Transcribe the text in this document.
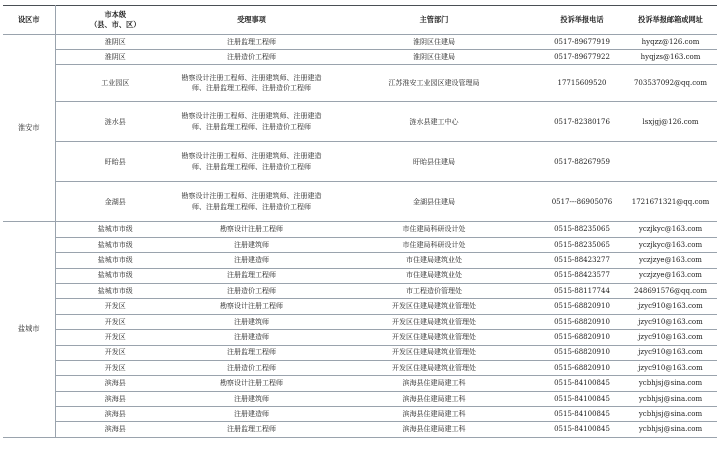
设区市	市本级
（县、市、区）	受理事项	主管部门	投诉举报电话	投诉举报邮箱或网址
淮安市	淮阴区	注册监理工程师	淮阴区住建局	0517-89677919	hyqzz@126.com
	淮阴区	注册造价工程师	淮阴区住建局	0517-89677922	hyqjzs@163.com
	工业园区	勘察设计注册工程师、注册建筑师、注册建造师、注册监理工程师、注册造价工程师	江苏淮安工业园区建设管理局	17715609520	703537092@qq.com
	涟水县	勘察设计注册工程师、注册建筑师、注册建造师、注册监理工程师、注册造价工程师	涟水县建工中心	0517-82380176	lsxjgj@126.com
	盱眙县	勘察设计注册工程师、注册建筑师、注册建造师、注册监理工程师、注册造价工程师	盱眙县住建局	0517-88267959	
	金湖县	勘察设计注册工程师、注册建筑师、注册建造师、注册监理工程师、注册造价工程师	金湖县住建局	0517---86905076	1721671321@qq.com
盐城市	盐城市市级	勘察设计注册工程师	市住建局科研设计处	0515-88235065	yczjkyc@163.com
	盐城市市级	注册建筑师	市住建局科研设计处	0515-88235065	yczjkyc@163.com
	盐城市市级	注册建造师	市住建局建筑业处	0515-88423277	yczjzye@163.com
	盐城市市级	注册监理工程师	市住建局建筑业处	0515-88423577	yczjzye@163.com
	盐城市市级	注册造价工程师	市工程造价管理处	0515-88117744	248691576@qq.com
	开发区	勘察设计注册工程师	开发区住建局建筑业管理处	0515-68820910	jzyc910@163.com
	开发区	注册建筑师	开发区住建局建筑业管理处	0515-68820910	jzyc910@163.com
	开发区	注册建造师	开发区住建局建筑业管理处	0515-68820910	jzyc910@163.com
	开发区	注册监理工程师	开发区住建局建筑业管理处	0515-68820910	jzyc910@163.com
	开发区	注册造价工程师	开发区住建局建筑业管理处	0515-68820910	jzyc910@163.com
	滨海县	勘察设计注册工程师	滨海县住建局建工科	0515-84100845	ycbhjsj@sina.com
	滨海县	注册建筑师	滨海县住建局建工科	0515-84100845	ycbhjsj@sina.com
	滨海县	注册建造师	滨海县住建局建工科	0515-84100845	ycbhjsj@sina.com
	滨海县	注册监理工程师	滨海县住建局建工科	0515-84100845	ycbhjsj@sina.com
